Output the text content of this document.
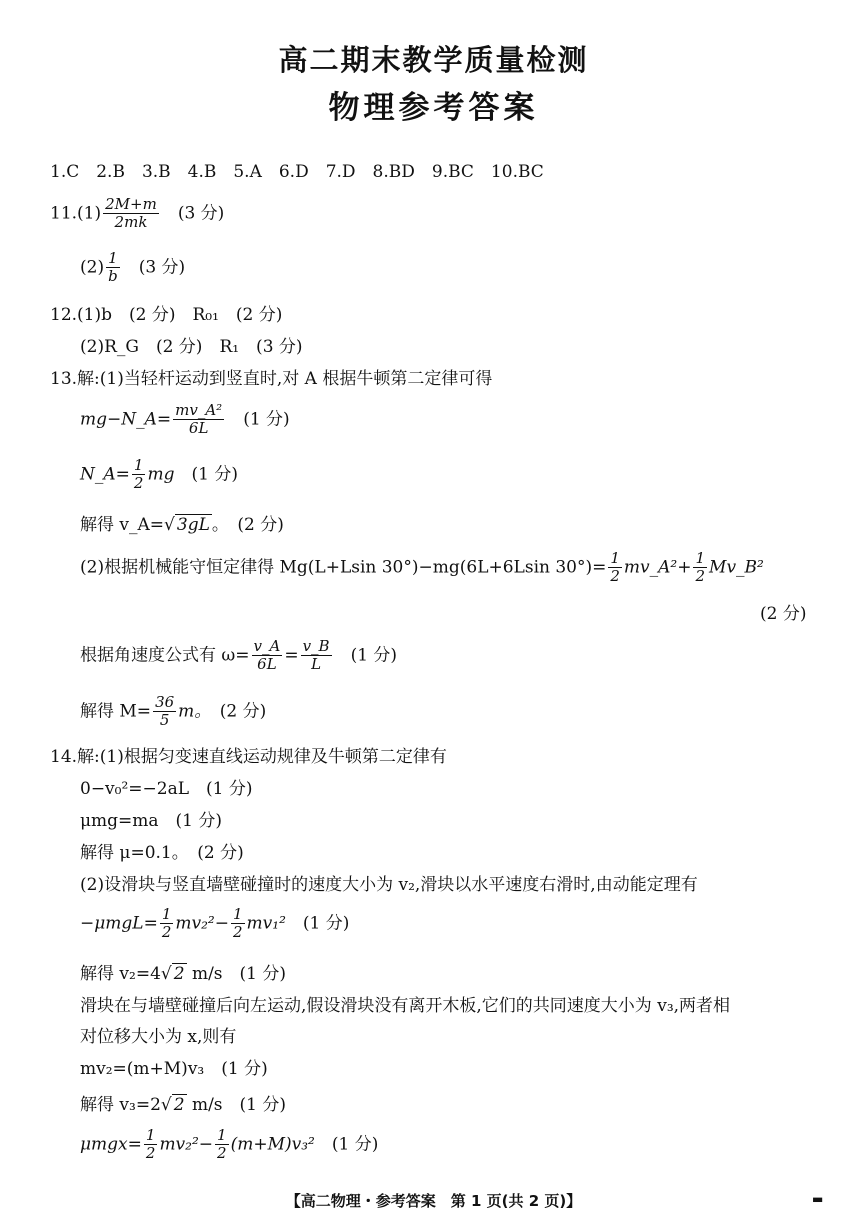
高二期末教学质量检测
物理参考答案
1.C　2.B　3.B　4.B　5.A　6.D　7.D　8.BD　9.BC　10.BC
$11.(1) \frac{2M+m}{2mk}$
　 (3 分)
$(2) \frac{1}{b}$
　 (3 分)
12.(1)b　(2 分)　R₀₁　(2 分)
(2)R_G　(2 分)　R₁　(3 分)
13.解:(1)当轻杆运动到竖直时,对 A 根据牛顿第二定律可得
mg−N_A= $\frac{\text{mv\_A²}}{6L}$
　 (1 分)
N_A= $\frac{1}{2}$ mg　 (1 分)
解得 v_A=√ 3gL 。　 (2 分)
(2)根据机械能守恒定律得 Mg(L+Lsin 30°)−mg(6L+6Lsin $30^\circ)= \frac{1}{2}$ mv_A²+ $\frac{1}{2}$ Mv_B²
(2 分)
根据角速度公式有 $\omega= \frac{v\_A}{6L} = \frac{v\_B}{L}$
　 (1 分)
解得 $M= \frac{36}{5}$ m。　 (2 分)
14.解:(1)根据匀变速直线运动规律及牛顿第二定律有
0−v₀²=−2aL　(1 分)
μmg=ma　(1 分)
解得 μ=0.1。　(2 分)
(2)设滑块与竖直墙壁碰撞时的速度大小为 v₂,滑块以水平速度右滑时,由动能定理有
$-\mu mgL= \frac{1}{2} mv_2^2- \frac{1}{2} mv_1^2$　 (1 分)
解得 v₂=4√ 2 m/s　(1 分)
滑块在与墙壁碰撞后向左运动,假设滑块没有离开木板,它们的共同速度大小为 v₃,两者相
对位移大小为 x,则有
mv₂=(m+M)v₃　(1 分)
解得 v₃=2√ 2 m/s　(1 分)
$\mu mgx= \frac{1}{2} mv_2^2- \frac{1}{2} (m+M)v_3^2$　 (1 分)
【高二物理・参考答案　第 1 页(共 2 页)】	▬
